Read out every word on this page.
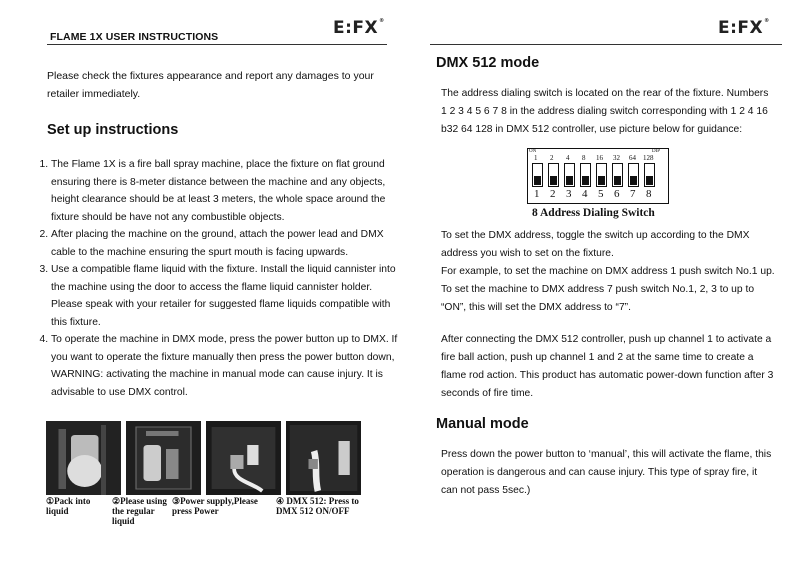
FLAME 1X USER INSTRUCTIONS	E:FX®
Please check the fixtures appearance and report any damages to your retailer immediately.
Set up instructions
1. The Flame 1X is a fire ball spray machine, place the fixture on flat ground ensuring there is 8-meter distance between the machine and any objects, height clearance should be at least 3 meters, the whole space around the fixture should be have not any combustible objects.
2. After placing the machine on the ground, attach the power lead and DMX cable to the machine ensuring the spurt mouth is facing upwards.
3. Use a compatible flame liquid with the fixture. Install the liquid cannister into the machine using the door to access the flame liquid cannister holder. Please speak with your retailer for suggested flame liquids compatible with this fixture.
4. To operate the machine in DMX mode, press the power button up to DMX. If you want to operate the fixture manually then press the power button down, WARNING: activating the machine in manual mode can cause injury. It is advisable to use DMX control.
①Pack into liquid
②Please using the regular liquid
③Power supply,Please press Power
④ DMX 512: Press to DMX 512 ON/OFF
E:FX®
DMX 512 mode
The address dialing switch is located on the rear of the fixture. Numbers 1 2 3 4 5 6 7 8 in the address dialing switch corresponding with 1 2 4 16 b32 64 128 in DMX 512 controller, use picture below for guidance:
ON	DIP
1 2 4 8 16 32 64 128
1 2 3 4 5 6 7 8
8 Address Dialing Switch
To set the DMX address, toggle the switch up according to the DMX address you wish to set on the fixture.
For example, to set the machine on DMX address 1 push switch No.1 up.
To set the machine to DMX address 7 push switch No.1, 2, 3 to up to “ON”, this will set the DMX address to “7”.
After connecting the DMX 512 controller, push up channel 1 to activate a fire ball action, push up channel 1 and 2 at the same time to create a flame rod action. This product has automatic power-down function after 3 seconds of fire time.
Manual mode
Press down the power button to ‘manual’, this will activate the flame, this operation is dangerous and can cause injury. This type of spray fire, it can not pass 5sec.)
